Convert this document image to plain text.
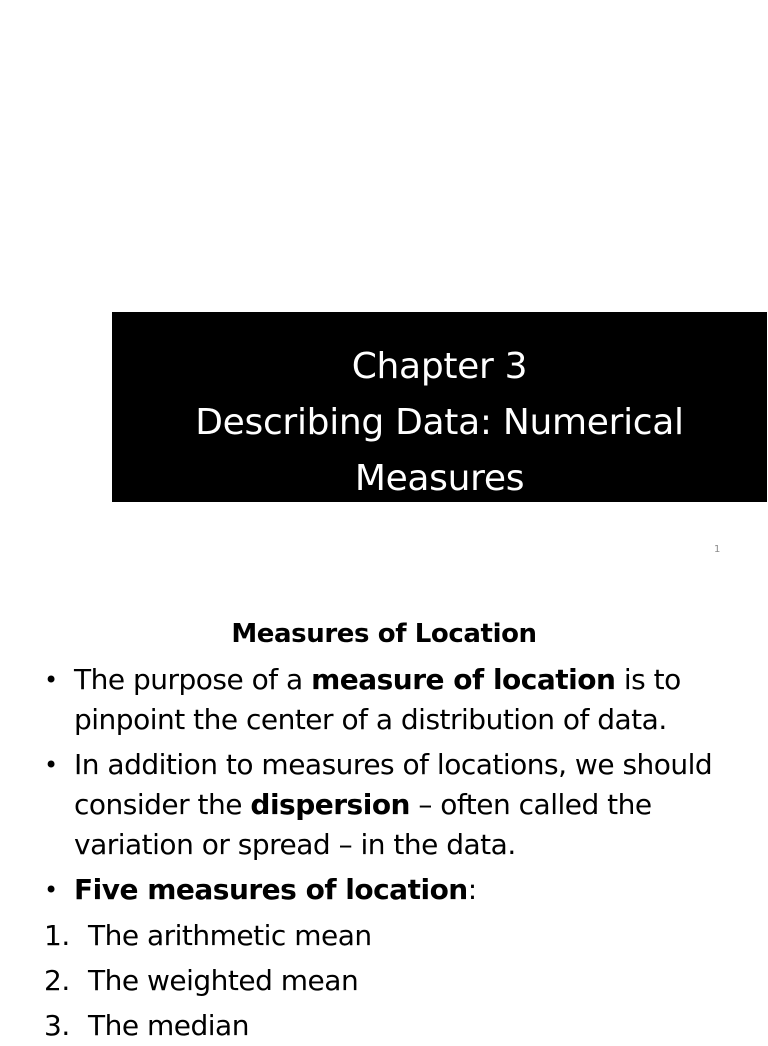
Chapter 3
Describing Data: Numerical
Measures
1
Measures of Location
• The purpose of a measure of location is to
pinpoint the center of a distribution of data.
• In addition to measures of locations, we should
consider the dispersion – often called the
variation or spread – in the data.
• Five measures of location:
1. The arithmetic mean
2. The weighted mean
3. The median
